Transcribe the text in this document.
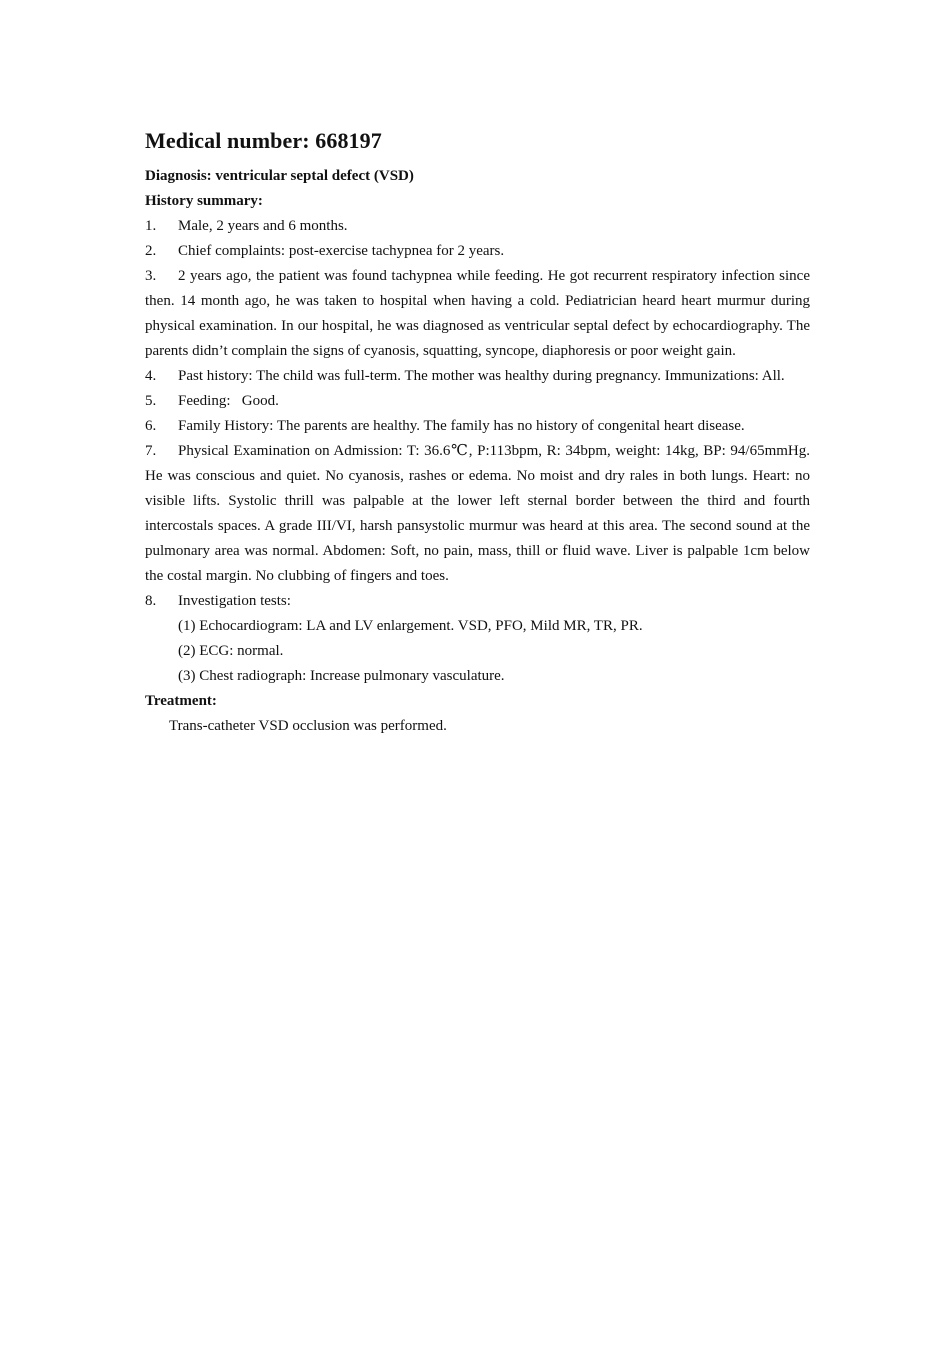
Medical number: 668197
Diagnosis: ventricular septal defect (VSD)
History summary:
1. Male, 2 years and 6 months.
2. Chief complaints: post-exercise tachypnea for 2 years.
3. 2 years ago, the patient was found tachypnea while feeding. He got recurrent respiratory infection since then. 14 month ago, he was taken to hospital when having a cold. Pediatrician heard heart murmur during physical examination. In our hospital, he was diagnosed as ventricular septal defect by echocardiography. The parents didn’t complain the signs of cyanosis, squatting, syncope, diaphoresis or poor weight gain.
4. Past history: The child was full-term. The mother was healthy during pregnancy. Immunizations: All.
5. Feeding:   Good.
6. Family History: The parents are healthy. The family has no history of congenital heart disease.
7. Physical Examination on Admission: T: 36.6℃, P:113bpm, R: 34bpm, weight: 14kg, BP: 94/65mmHg. He was conscious and quiet. No cyanosis, rashes or edema. No moist and dry rales in both lungs. Heart: no visible lifts. Systolic thrill was palpable at the lower left sternal border between the third and fourth intercostals spaces. A grade III/VI, harsh pansystolic murmur was heard at this area. The second sound at the pulmonary area was normal. Abdomen: Soft, no pain, mass, thill or fluid wave. Liver is palpable 1cm below the costal margin. No clubbing of fingers and toes.
8. Investigation tests:
(1) Echocardiogram: LA and LV enlargement. VSD, PFO, Mild MR, TR, PR.
(2) ECG: normal.
(3) Chest radiograph: Increase pulmonary vasculature.
Treatment:
Trans-catheter VSD occlusion was performed.
